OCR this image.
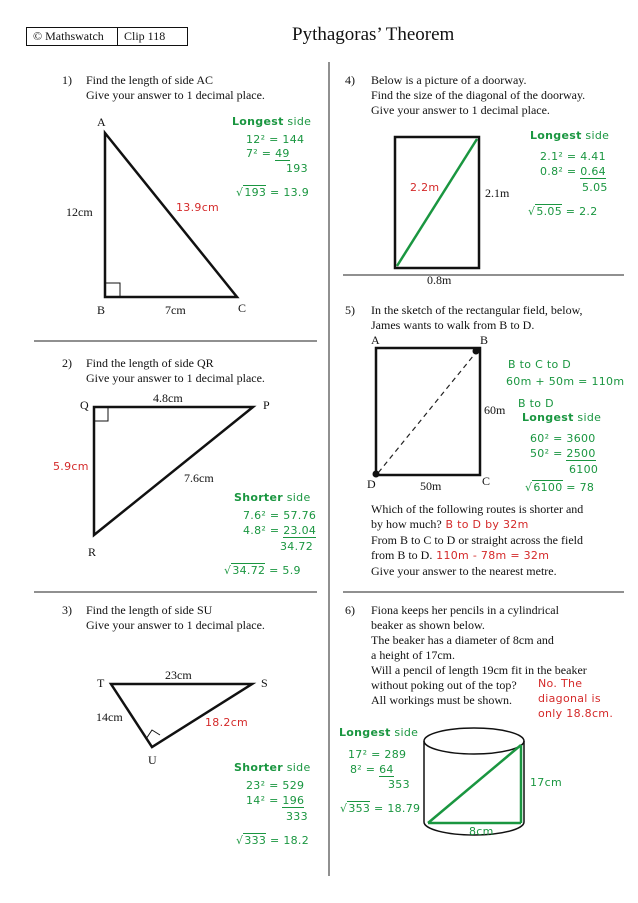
© Mathswatch	Clip 118	Pythagoras’ Theorem
1) Find the length of side AC
Give your answer to 1 decimal place.
A
B	C
12cm
7cm
13.9cm
Longest side
12² = 144
7² = 49
193
√193 = 13.9
2) Find the length of side QR
Give your answer to 1 decimal place.
Q	P
R
4.8cm
7.6cm
5.9cm
Shorter side
7.6² = 57.76
4.8² = 23.04
34.72
√34.72 = 5.9
3) Find the length of side SU
Give your answer to 1 decimal place.
T	S
U
23cm
14cm	18.2cm
Shorter side
23² = 529
14² = 196
333
√333 = 18.2
4) Below is a picture of a doorway.
Find the size of the diagonal of the doorway.
Give your answer to 1 decimal place.
Longest side
2.1² = 4.41
0.8² = 0.64
5.05
√5.05 = 2.2
2.2m	2.1m
0.8m
5) In the sketch of the rectangular field, below,
James wants to walk from B to D.
A	B
C
D
60m
50m
B to C to D
60m + 50m = 110m
B to D
Longest side
60² = 3600
50² = 2500
6100
√6100 = 78
Which of the following routes is shorter and
by how much? B to D by 32m
From B to C to D or straight across the field
from B to D. 110m - 78m = 32m
Give your answer to the nearest metre.
6) Fiona keeps her pencils in a cylindrical
beaker as shown below.
The beaker has a diameter of 8cm and
a height of 17cm.
Will a pencil of length 19cm fit in the beaker
without poking out of the top?
All workings must be shown.
No. The
diagonal is
only 18.8cm.
Longest side
17² = 289
8² = 64
353
√353 = 18.79
17cm
8cm
